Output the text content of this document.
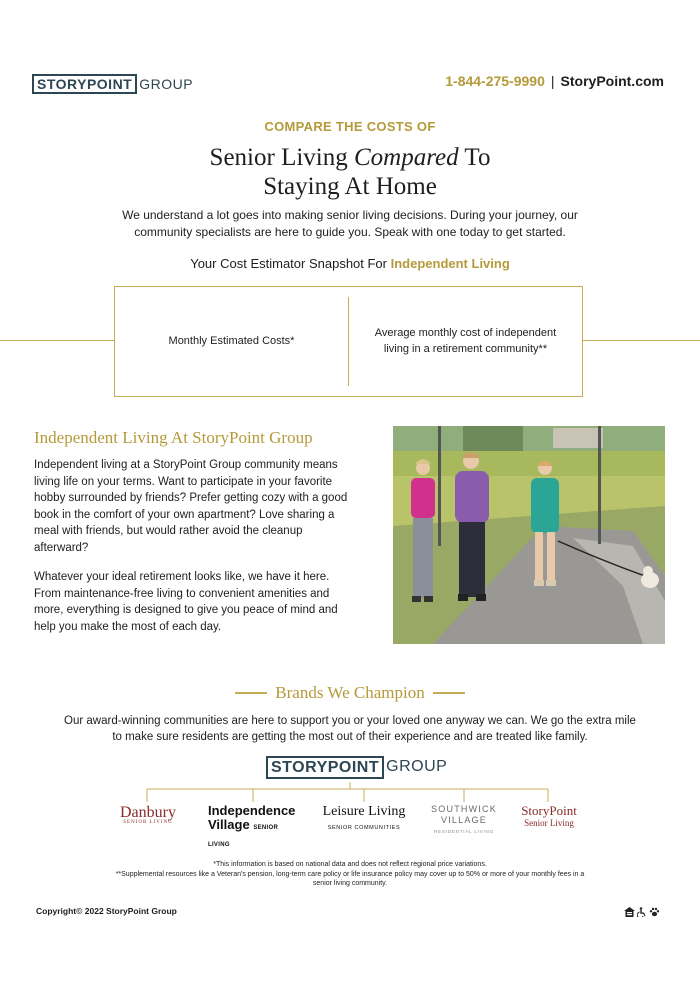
STORYPOINT GROUP	1-844-275-9990 | StoryPoint.com
COMPARE THE COSTS OF
Senior Living Compared To
Staying At Home
We understand a lot goes into making senior living decisions. During your journey, our community specialists are here to guide you. Speak with one today to get started.
Your Cost Estimator Snapshot For Independent Living
Monthly Estimated Costs*
Average monthly cost of independent living in a retirement community**
Independent Living At StoryPoint Group
Independent living at a StoryPoint Group community means living life on your terms. Want to participate in your favorite hobby surrounded by friends? Prefer getting cozy with a good book in the comfort of your own apartment? Love sharing a meal with friends, but would rather avoid the cleanup afterward?
Whatever your ideal retirement looks like, we have it here. From maintenance-free living to convenient amenities and more, everything is designed to give you peace of mind and help you make the most of each day.
Brands We Champion
Our award-winning communities are here to support you or your loved one anyway we can. We go the extra mile to make sure residents are getting the most out of their experience and are treated like family.
STORYPOINT GROUP
Danbury
SENIOR LIVING
Independence
Village SENIOR LIVING
Leisure Living
SENIOR COMMUNITIES
SOUTHWICK
VILLAGE
RESIDENTIAL LIVING
StoryPoint
Senior Living
*This information is based on national data and does not reflect regional price variations.
**Supplemental resources like a Veteran's pension, long-term care policy or life insurance policy may cover up to 50% or more of your monthly fees in a senior living community.
Copyright© 2022 StoryPoint Group
